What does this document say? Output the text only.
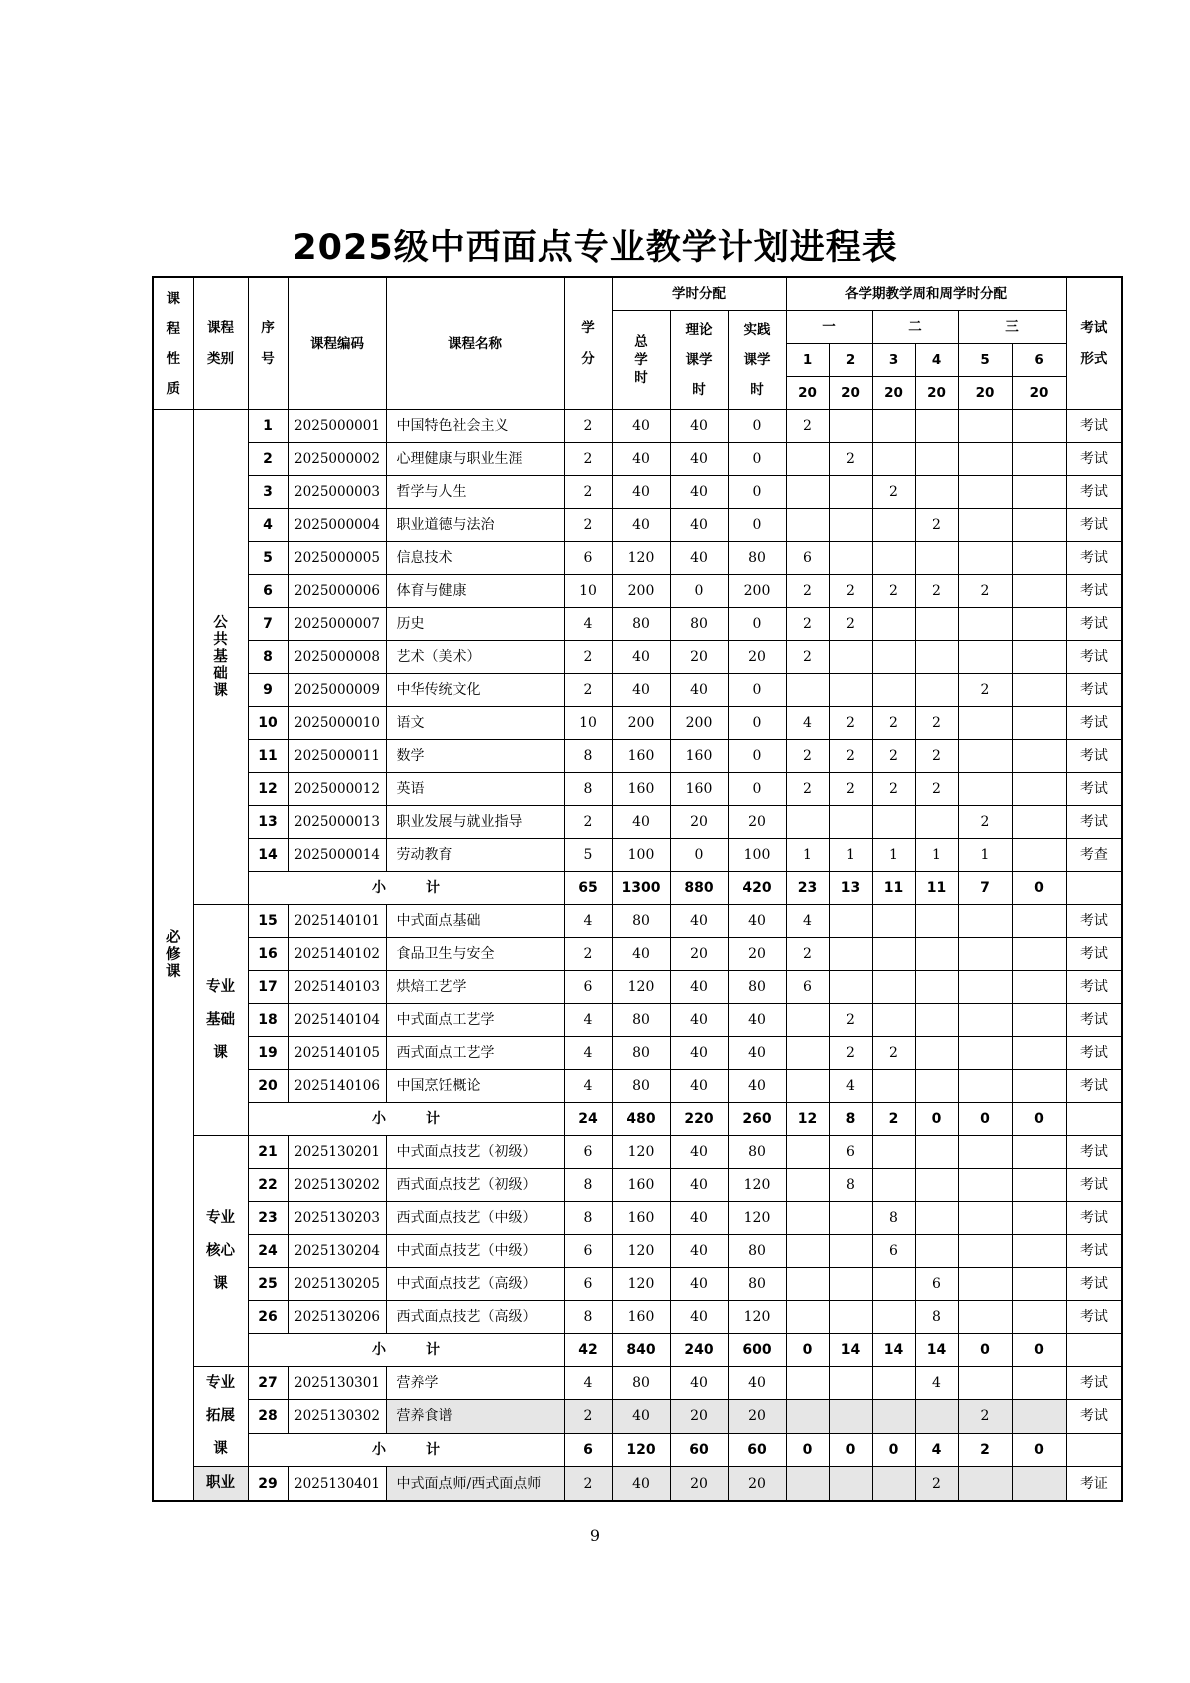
2025级中西面点专业教学计划进程表
课程性质	课程类别	序号	课程编码	课程名称	学分	学时分配			各学期教学周和周学时分配						考试形式
						总学时	理论课学时	实践课学时	一		二		三		
									1	2	3	4	5	6	
									20	20	20	20	20	20	
必修课	公共基础课	1	2025000001	中国特色社会主义	2	40	40	0	2						考试
		2	2025000002	心理健康与职业生涯	2	40	40	0		2					考试
		3	2025000003	哲学与人生	2	40	40	0			2				考试
		4	2025000004	职业道德与法治	2	40	40	0				2			考试
		5	2025000005	信息技术	6	120	40	80	6						考试
		6	2025000006	体育与健康	10	200	0	200	2	2	2	2	2		考试
		7	2025000007	历史	4	80	80	0	2	2					考试
		8	2025000008	艺术（美术）	2	40	20	20	2						考试
		9	2025000009	中华传统文化	2	40	40	0					2		考试
		10	2025000010	语文	10	200	200	0	4	2	2	2			考试
		11	2025000011	数学	8	160	160	0	2	2	2	2			考试
		12	2025000012	英语	8	160	160	0	2	2	2	2			考试
		13	2025000013	职业发展与就业指导	2	40	20	20					2		考试
		14	2025000014	劳动教育	5	100	0	100	1	1	1	1	1		考查
		小 计			65	1300	880	420	23	13	11	11	7	0	
	专业基础课	15	2025140101	中式面点基础	4	80	40	40	4						考试
		16	2025140102	食品卫生与安全	2	40	20	20	2						考试
		17	2025140103	烘焙工艺学	6	120	40	80	6						考试
		18	2025140104	中式面点工艺学	4	80	40	40		2					考试
		19	2025140105	西式面点工艺学	4	80	40	40		2	2				考试
		20	2025140106	中国烹饪概论	4	80	40	40		4					考试
		小 计			24	480	220	260	12	8	2	0	0	0	
	专业核心课	21	2025130201	中式面点技艺（初级）	6	120	40	80		6					考试
		22	2025130202	西式面点技艺（初级）	8	160	40	120		8					考试
		23	2025130203	西式面点技艺（中级）	8	160	40	120			8				考试
		24	2025130204	中式面点技艺（中级）	6	120	40	80			6				考试
		25	2025130205	中式面点技艺（高级）	6	120	40	80				6			考试
		26	2025130206	西式面点技艺（高级）	8	160	40	120				8			考试
		小 计			42	840	240	600	0	14	14	14	0	0	
	专业拓展课	27	2025130301	营养学	4	80	40	40				4			考试
		28	2025130302	营养食谱	2	40	20	20					2		考试
		小 计			6	120	60	60	0	0	0	4	2	0	
	职业	29	2025130401	中式面点师/西式面点师	2	40	20	20				2			考证
9
